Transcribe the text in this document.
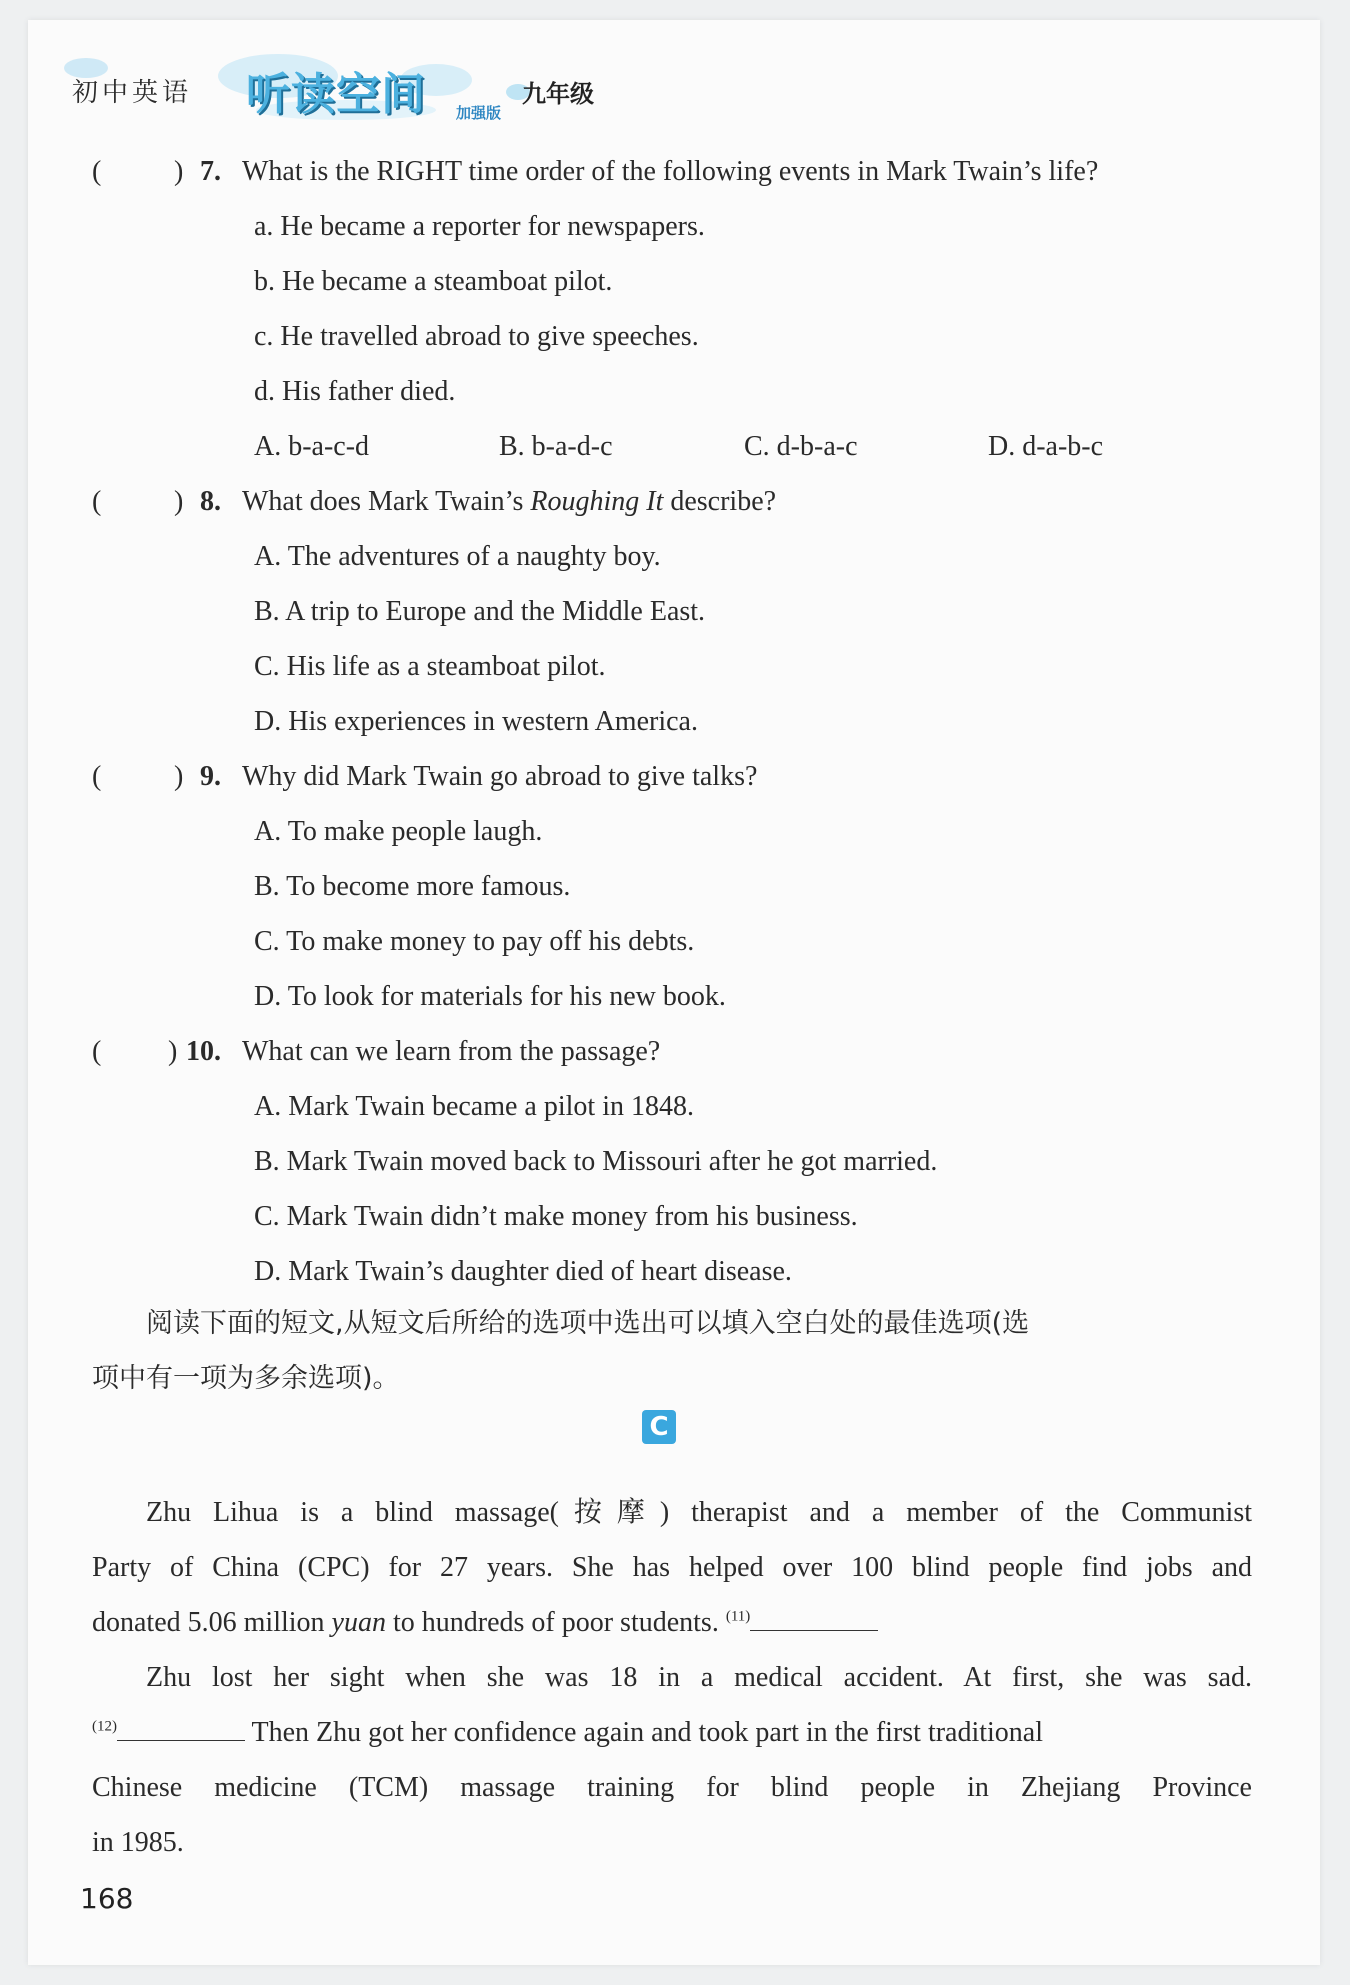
初中英语	听读空间 加强版
九年级
(	) 7. What is the RIGHT time order of the following events in Mark Twain’s life?
a. He became a reporter for newspapers.
b. He became a steamboat pilot.
c. He travelled abroad to give speeches.
d. His father died.
A. b-a-c-d	B. b-a-d-c	C. d-b-a-c	D. d-a-b-c
(	) 8. What does Mark Twain’s Roughing It describe?
A. The adventures of a naughty boy.
B. A trip to Europe and the Middle East.
C. His life as a steamboat pilot.
D. His experiences in western America.
(	) 9. Why did Mark Twain go abroad to give talks?
A. To make people laugh.
B. To become more famous.
C. To make money to pay off his debts.
D. To look for materials for his new book.
( ) 10. What can we learn from the passage?
A. Mark Twain became a pilot in 1848.
B. Mark Twain moved back to Missouri after he got married.
C. Mark Twain didn’t make money from his business.
D. Mark Twain’s daughter died of heart disease.
阅读下面的短文,从短文后所给的选项中选出可以填入空白处的最佳选项(选
项中有一项为多余选项)。
C
Zhu Lihua is a blind massage(按摩) therapist and a member of the Communist
Party of China (CPC) for 27 years. She has helped over 100 blind people find jobs and
donated 5.06 million yuan to hundreds of poor students. $^{(11)}$
Zhu lost her sight when she was 18 in a medical accident. At first, she was sad.
$^{(12)}$	Then Zhu got her confidence again and took part in the first traditional
Chinese medicine (TCM) massage training for blind people in Zhejiang Province
in 1985.
168
